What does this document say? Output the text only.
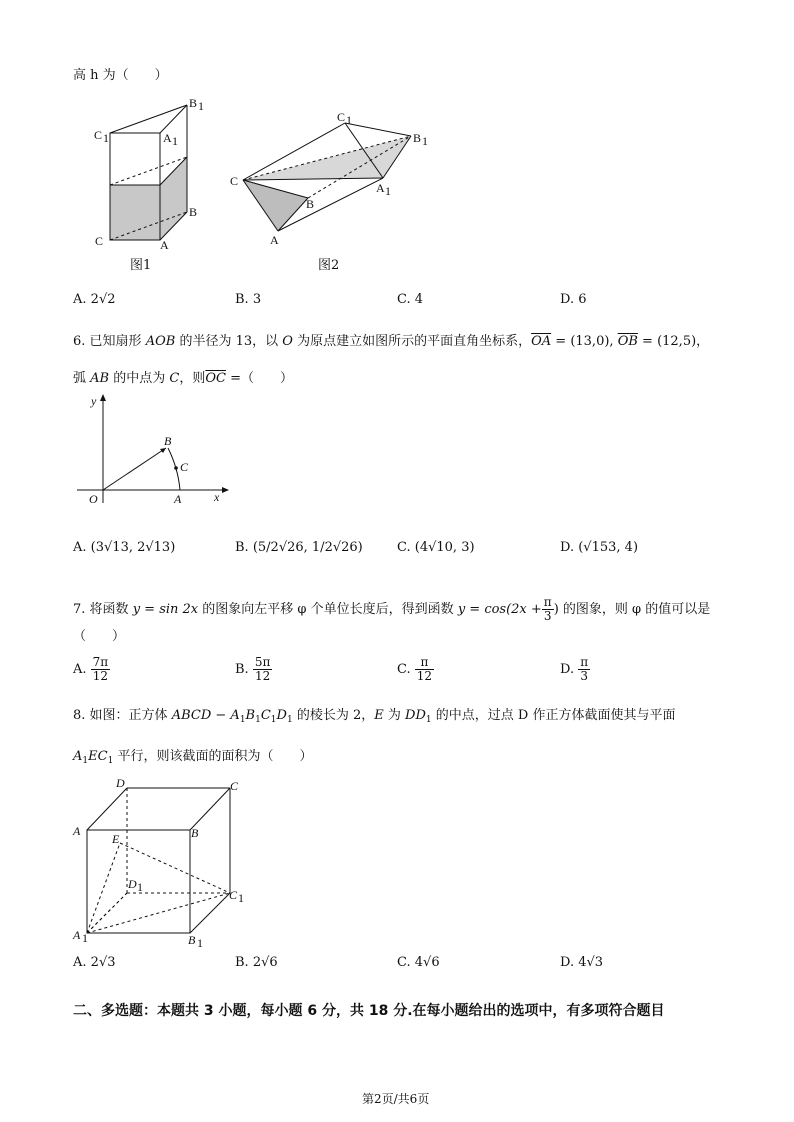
高 h 为（　　）
B 1
C 1	A 1
B
C	A
图1
C 1
B 1
C	A 1
B
A
图2
A. 2√2	B. 3	C. 4	D. 6
6. 已知扇形 AOB 的半径为 13，以 O 为原点建立如图所示的平面直角坐标系，$\overline{OA} = (13,0)$, $\overline{OB} = (12,5)$，
弧 AB 的中点为 C，则$\overline{OC}$ =（　　）
y
x
O	A
B
C
A. (3√13, 2√13)	B. (5/2√26, 1/2√26)	C. (4√10, 3)	D. (√153, 4)
7. 将函数 y = sin 2x 的图象向左平移 φ 个单位长度后，得到函数 $y = \cos(2x + \frac{\pi}{3}$ ) 的图象，则 φ 的值可以是
（　　）
A. $\frac{7\pi}{12}$	B. $\frac{5\pi}{12}$	C. $\frac{\pi}{12}$	D. $\frac{\pi}{3}$
8. 如图：正方体 ABCD − $A_1B_1C_1D_1$ 的棱长为 2，E 为 $DD_1$ 的中点，过点 D 作正方体截面使其与平面
$A_1EC_1$ 平行，则该截面的面积为（　　）
D	C
A	B
E
D 1
C 1
A 1	B 1
A. 2√3	B. 2√6	C. 4√6	D. 4√3
二、多选题：本题共 3 小题，每小题 6 分，共 18 分.在每小题给出的选项中，有多项符合题目
第2页/共6页
